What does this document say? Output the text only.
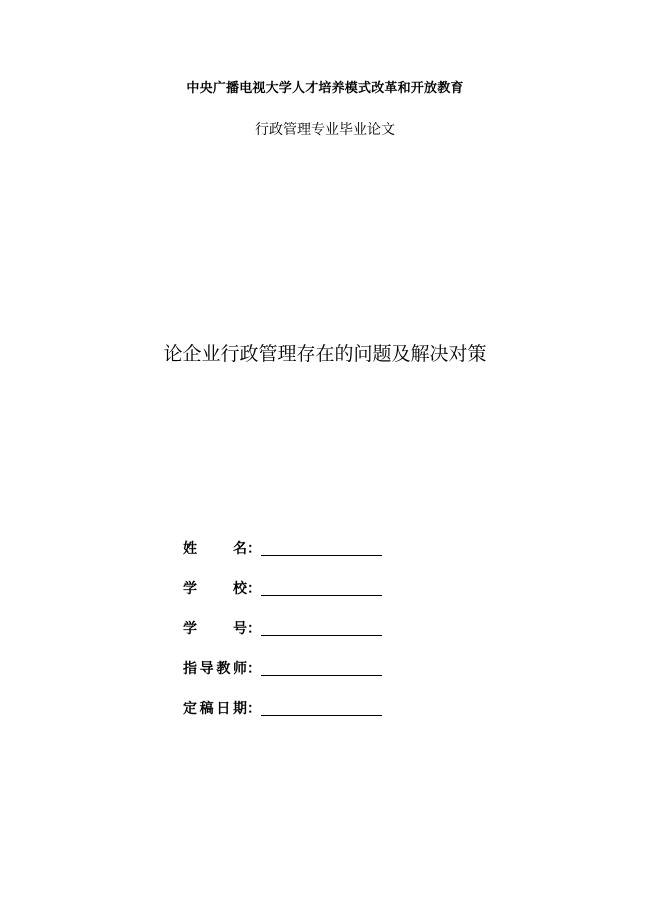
中央广播电视大学人才培养模式改革和开放教育
行政管理专业毕业论文
论企业行政管理存在的问题及解决对策
姓	名 ：
学	校 ：
学	号 ：
指 导 教 师 ：
定 稿 日 期 ：
